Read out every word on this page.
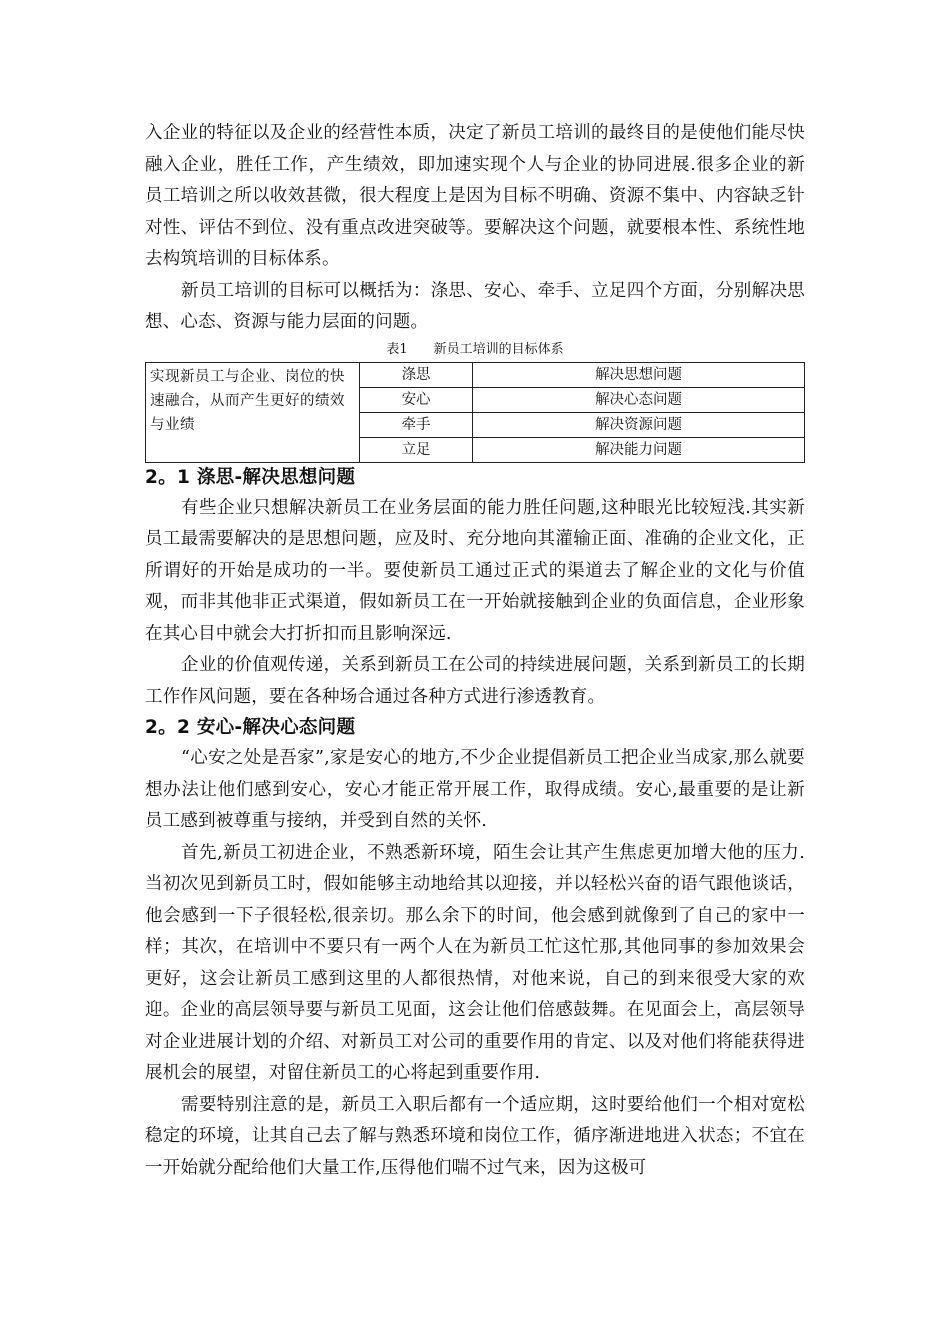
入企业的特征以及企业的经营性本质，决定了新员工培训的最终目的是使他们能尽快融入企业，胜任工作，产生绩效，即加速实现个人与企业的协同进展.很多企业的新员工培训之所以收效甚微，很大程度上是因为目标不明确、资源不集中、内容缺乏针对性、评估不到位、没有重点改进突破等。要解决这个问题，就要根本性、系统性地去构筑培训的目标体系。

新员工培训的目标可以概括为：涤思、安心、牵手、立足四个方面，分别解决思想、心态、资源与能力层面的问题。

表1　　新员工培训的目标体系
实现新员工与企业、岗位的快速融合，从而产生更好的绩效与业绩	涤思	解决思想问题
	安心	解决心态问题
	牵手	解决资源问题
	立足	解决能力问题
2。1 涤思-解决思想问题

有些企业只想解决新员工在业务层面的能力胜任问题,这种眼光比较短浅.其实新员工最需要解决的是思想问题，应及时、充分地向其灌输正面、准确的企业文化，正所谓好的开始是成功的一半。要使新员工通过正式的渠道去了解企业的文化与价值观，而非其他非正式渠道，假如新员工在一开始就接触到企业的负面信息，企业形象在其心目中就会大打折扣而且影响深远.

企业的价值观传递，关系到新员工在公司的持续进展问题，关系到新员工的长期工作作风问题，要在各种场合通过各种方式进行渗透教育。

2。2 安心-解决心态问题

“心安之处是吾家”,家是安心的地方,不少企业提倡新员工把企业当成家,那么就要想办法让他们感到安心，安心才能正常开展工作，取得成绩。安心,最重要的是让新员工感到被尊重与接纳，并受到自然的关怀.

首先,新员工初进企业，不熟悉新环境，陌生会让其产生焦虑更加增大他的压力.当初次见到新员工时，假如能够主动地给其以迎接，并以轻松兴奋的语气跟他谈话，他会感到一下子很轻松,很亲切。那么余下的时间，他会感到就像到了自己的家中一样；其次，在培训中不要只有一两个人在为新员工忙这忙那,其他同事的参加效果会更好，这会让新员工感到这里的人都很热情，对他来说，自己的到来很受大家的欢迎。企业的高层领导要与新员工见面，这会让他们倍感鼓舞。在见面会上，高层领导对企业进展计划的介绍、对新员工对公司的重要作用的肯定、以及对他们将能获得进展机会的展望，对留住新员工的心将起到重要作用.

需要特别注意的是，新员工入职后都有一个适应期，这时要给他们一个相对宽松稳定的环境，让其自己去了解与熟悉环境和岗位工作，循序渐进地进入状态；不宜在一开始就分配给他们大量工作,压得他们喘不过气来，因为这极可
